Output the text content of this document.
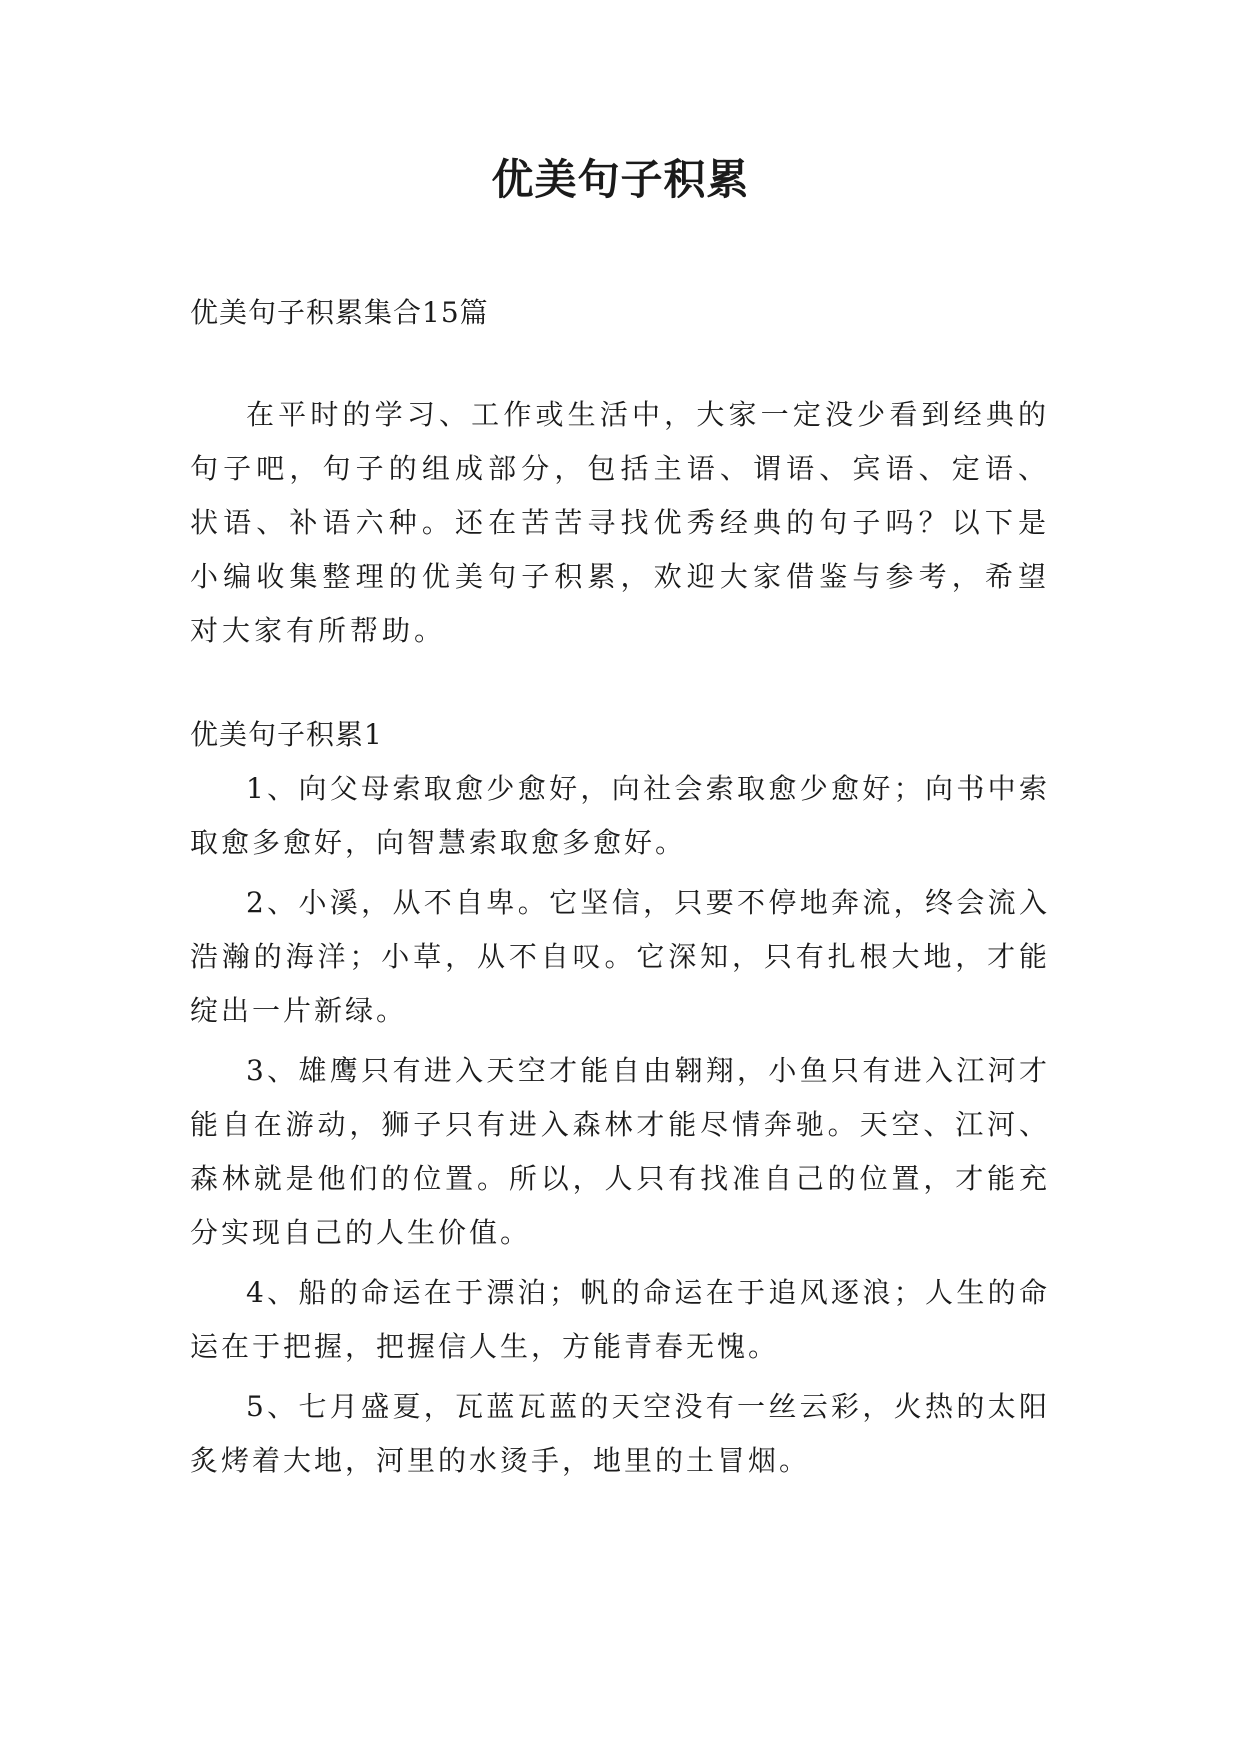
优美句子积累

优美句子积累集合15篇

在平时的学习、工作或生活中，大家一定没少看到经典的句子吧，句子的组成部分，包括主语、谓语、宾语、定语、状语、补语六种。还在苦苦寻找优秀经典的句子吗？以下是小编收集整理的优美句子积累，欢迎大家借鉴与参考，希望对大家有所帮助。

优美句子积累1

1、向父母索取愈少愈好，向社会索取愈少愈好；向书中索取愈多愈好，向智慧索取愈多愈好。

2、小溪，从不自卑。它坚信，只要不停地奔流，终会流入浩瀚的海洋；小草，从不自叹。它深知，只有扎根大地，才能绽出一片新绿。

3、雄鹰只有进入天空才能自由翱翔，小鱼只有进入江河才能自在游动，狮子只有进入森林才能尽情奔驰。天空、江河、森林就是他们的位置。所以，人只有找准自己的位置，才能充分实现自己的人生价值。

4、船的命运在于漂泊；帆的命运在于追风逐浪；人生的命运在于把握，把握信人生，方能青春无愧。

5、七月盛夏，瓦蓝瓦蓝的天空没有一丝云彩，火热的太阳炙烤着大地，河里的水烫手，地里的土冒烟。
